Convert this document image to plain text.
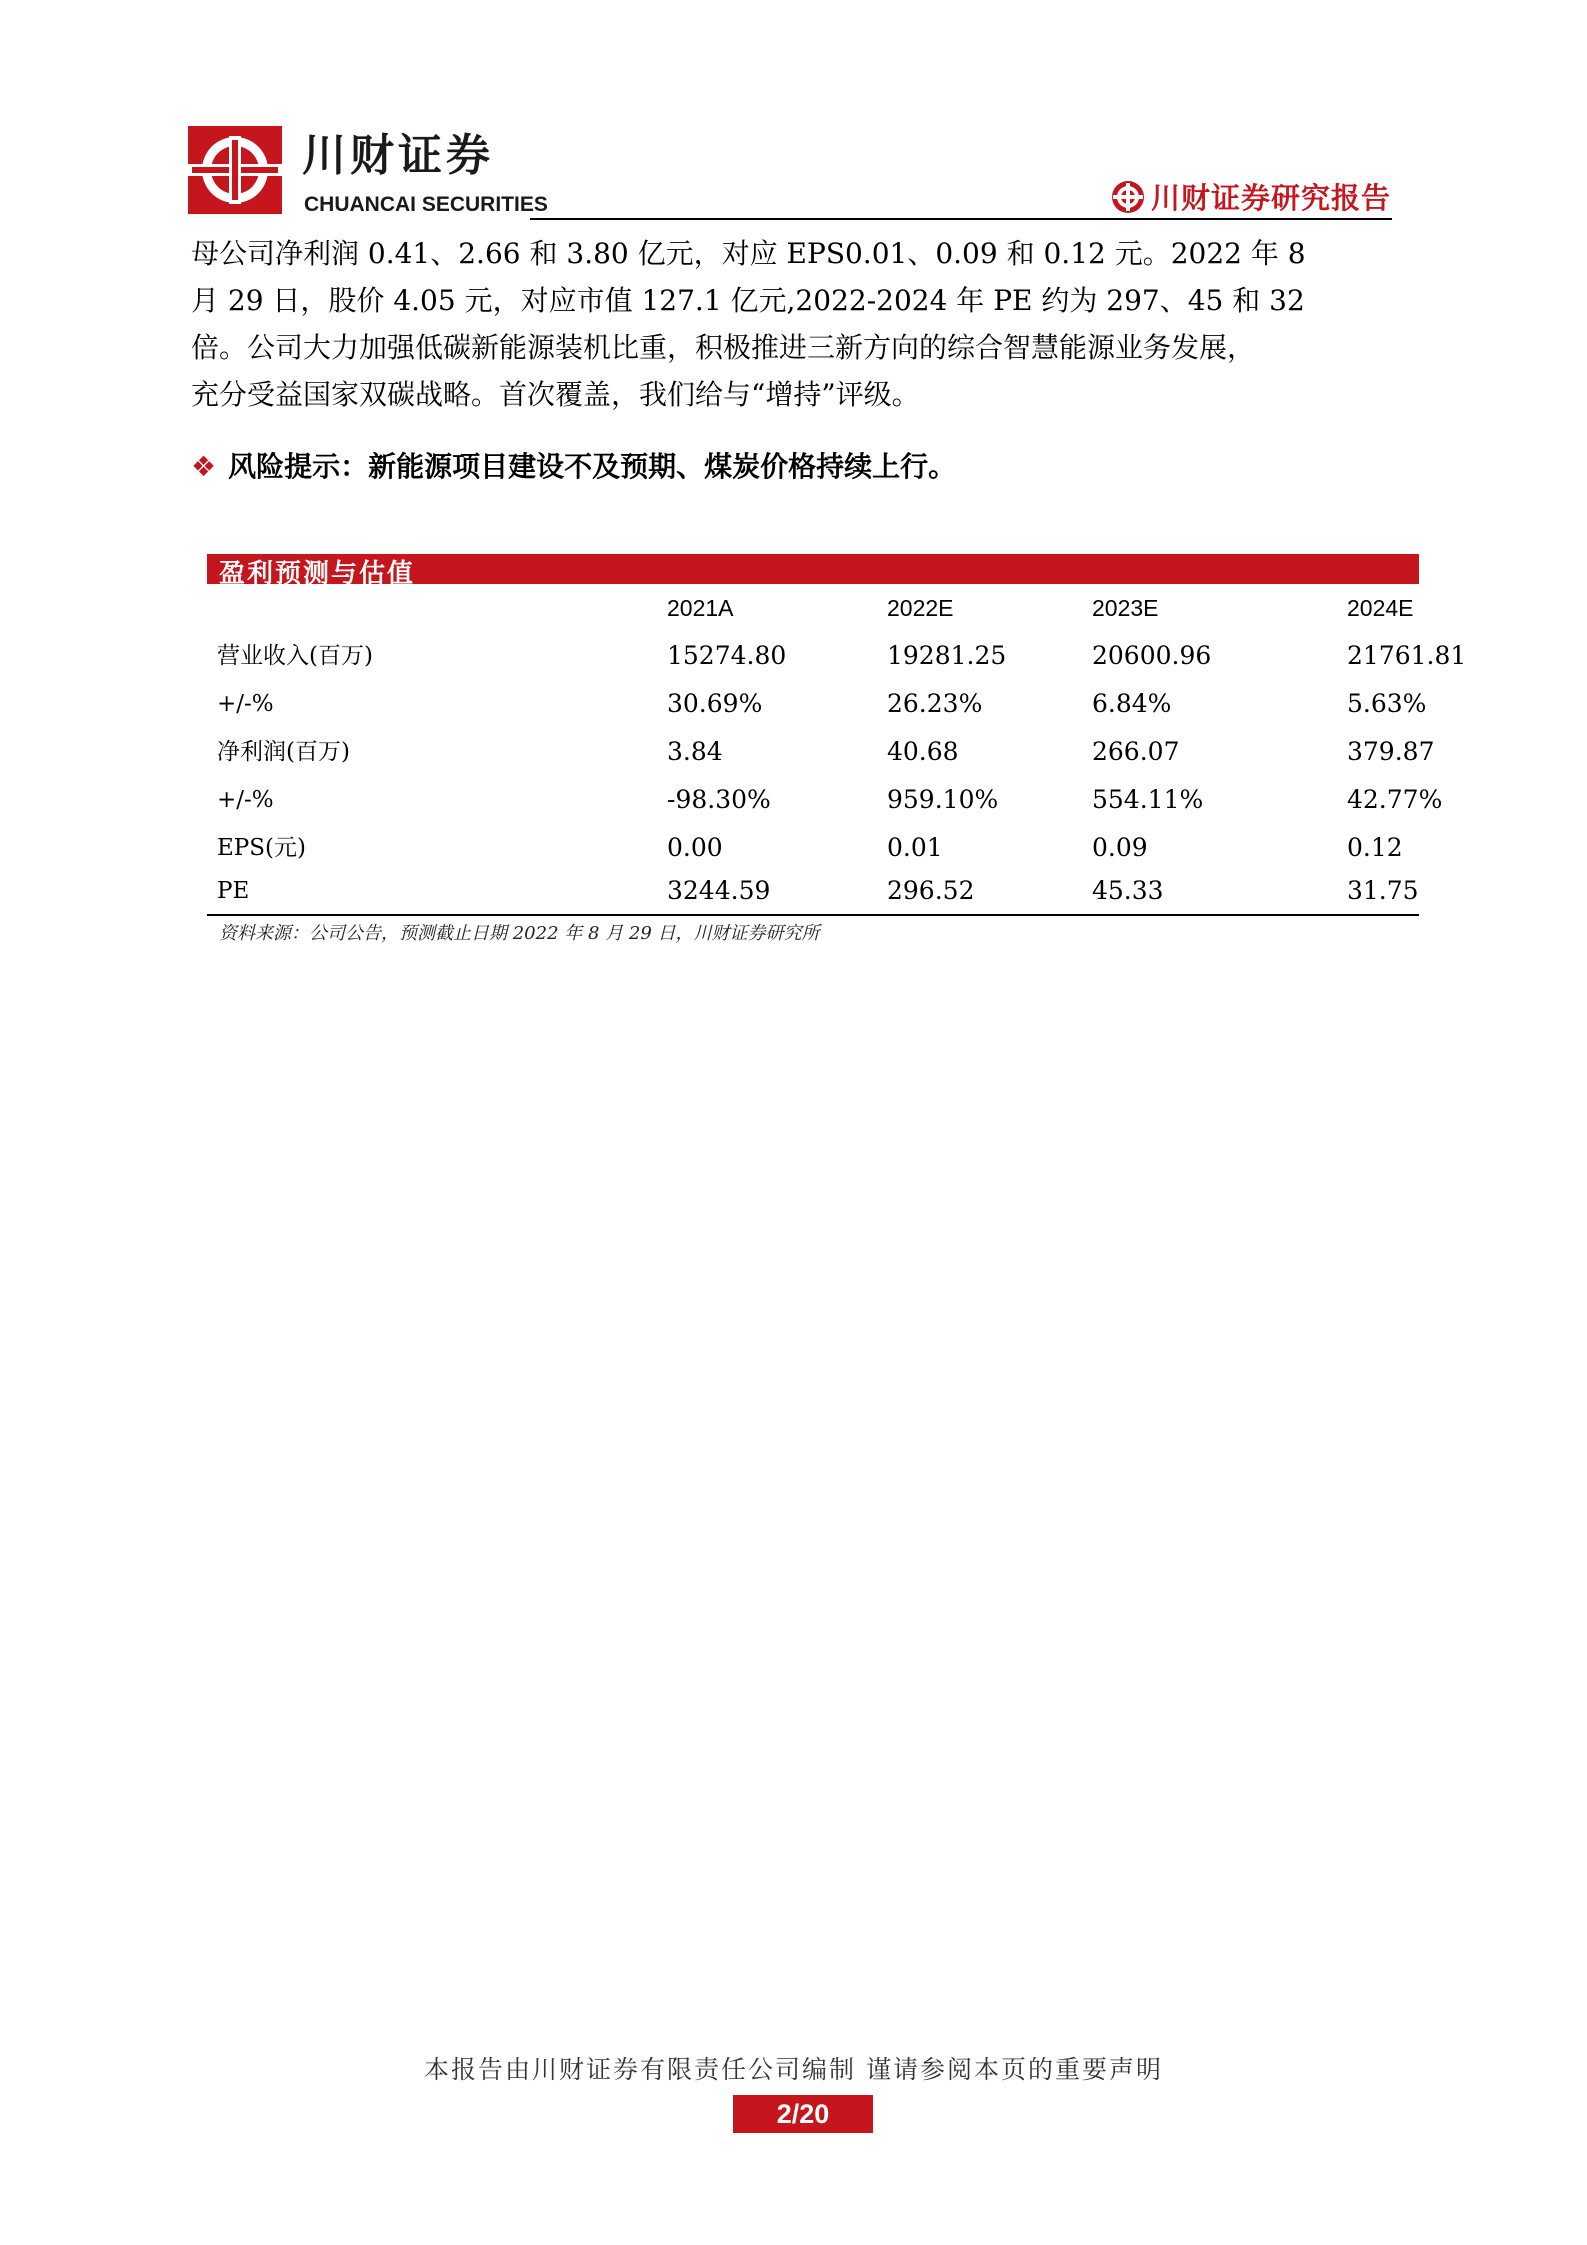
川财证券
CHUANCAI SECURITIES	川财证券研究报告
母公司净利润 0.41、2.66 和 3.80 亿元，对应 EPS0.01、0.09 和 0.12 元。2022 年 8
月 29 日，股价 4.05 元，对应市值 127.1 亿元,2022-2024 年 PE 约为 297、45 和 32
倍。公司大力加强低碳新能源装机比重，积极推进三新方向的综合智慧能源业务发展，
充分受益国家双碳战略。首次覆盖，我们给与“增持”评级。
❖ 风险提示：新能源项目建设不及预期、煤炭价格持续上行。
盈利预测与估值
2021A	2022E	2023E	2024E
营业收入(百万)	15274.80	19281.25	20600.96	21761.81
+/-%	30.69%	26.23%	6.84%	5.63%
净利润(百万)	3.84	40.68	266.07	379.87
+/-%	-98.30%	959.10%	554.11%	42.77%
EPS(元)	0.00	0.01	0.09	0.12
PE	3244.59	296.52	45.33	31.75
资料来源：公司公告，预测截止日期 2022 年 8 月 29 日，川财证券研究所
本报告由川财证券有限责任公司编制 谨请参阅本页的重要声明
2/20
